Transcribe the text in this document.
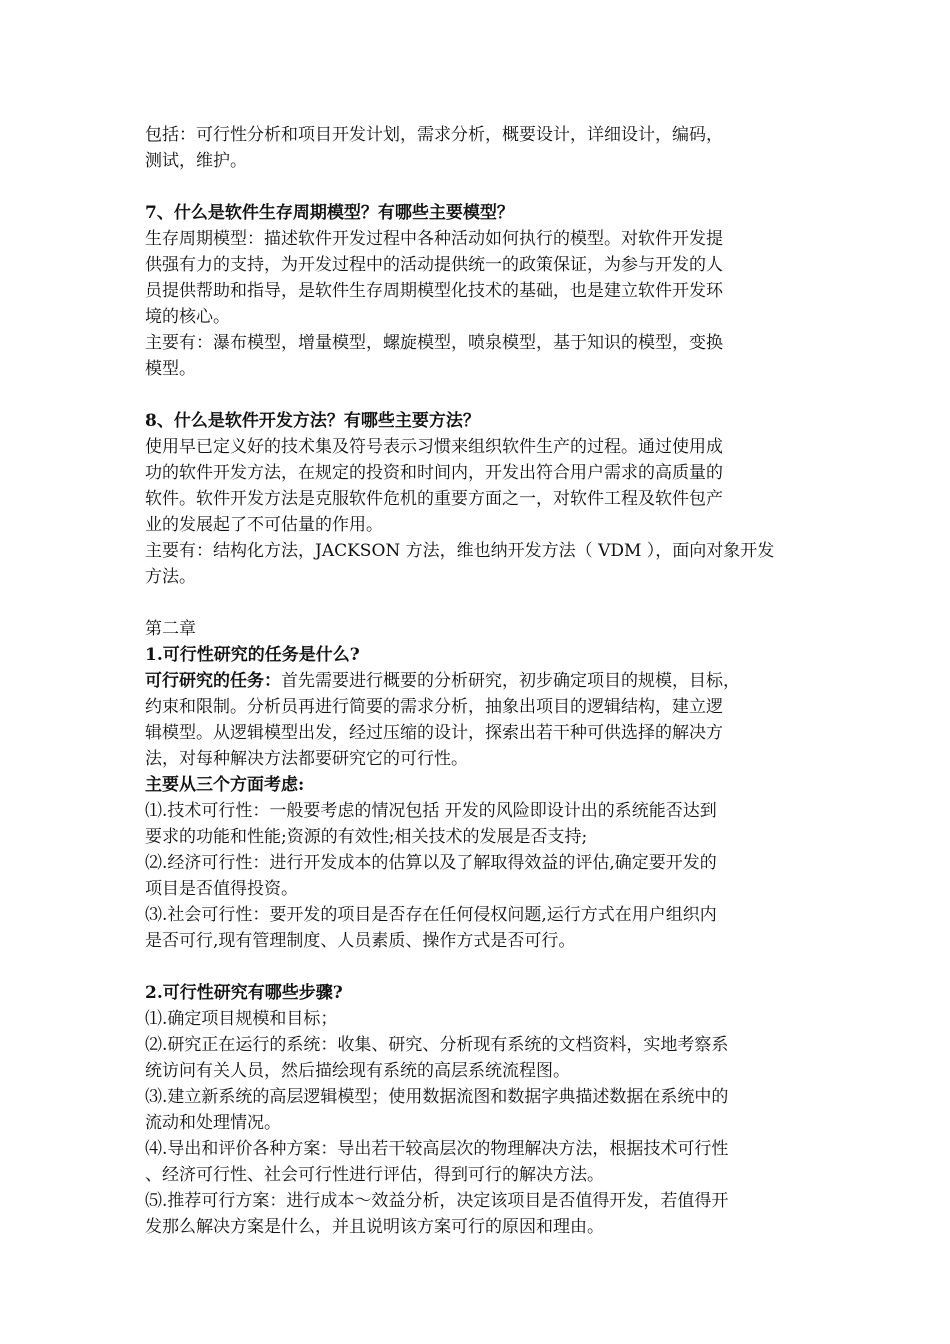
包括：可行性分析和项目开发计划，需求分析，概要设计，详细设计，编码，
测试，维护。
7、什么是软件生存周期模型？有哪些主要模型？
生存周期模型：描述软件开发过程中各种活动如何执行的模型。对软件开发提
供强有力的支持，为开发过程中的活动提供统一的政策保证，为参与开发的人
员提供帮助和指导，是软件生存周期模型化技术的基础，也是建立软件开发环
境的核心。
主要有：瀑布模型，增量模型，螺旋模型，喷泉模型，基于知识的模型，变换
模型。
8、什么是软件开发方法？有哪些主要方法？
使用早已定义好的技术集及符号表示习惯来组织软件生产的过程。通过使用成
功的软件开发方法，在规定的投资和时间内，开发出符合用户需求的高质量的
软件。软件开发方法是克服软件危机的重要方面之一，对软件工程及软件包产
业的发展起了不可估量的作用。
主要有：结构化方法，JACKSON 方法，维也纳开发方法（ VDM ），面向对象开发
方法。
第二章
1.可行性研究的任务是什么?
可行研究的任务：首先需要进行概要的分析研究，初步确定项目的规模，目标，
约束和限制。分析员再进行简要的需求分析，抽象出项目的逻辑结构，建立逻
辑模型。从逻辑模型出发，经过压缩的设计，探索出若干种可供选择的解决方
法，对每种解决方法都要研究它的可行性。
主要从三个方面考虑:
⑴.技术可行性：一般要考虑的情况包括 开发的风险即设计出的系统能否达到
要求的功能和性能;资源的有效性;相关技术的发展是否支持;
⑵.经济可行性：进行开发成本的估算以及了解取得效益的评估,确定要开发的
项目是否值得投资。
⑶.社会可行性：要开发的项目是否存在任何侵权问题,运行方式在用户组织内
是否可行,现有管理制度、人员素质、操作方式是否可行。
2.可行性研究有哪些步骤?
⑴.确定项目规模和目标；
⑵.研究正在运行的系统：收集、研究、分析现有系统的文档资料，实地考察系
统访问有关人员，然后描绘现有系统的高层系统流程图。
⑶.建立新系统的高层逻辑模型；使用数据流图和数据字典描述数据在系统中的
流动和处理情况。
⑷.导出和评价各种方案：导出若干较高层次的物理解决方法，根据技术可行性
、经济可行性、社会可行性进行评估，得到可行的解决方法。
⑸.推荐可行方案：进行成本～效益分析，决定该项目是否值得开发，若值得开
发那么解决方案是什么，并且说明该方案可行的原因和理由。
